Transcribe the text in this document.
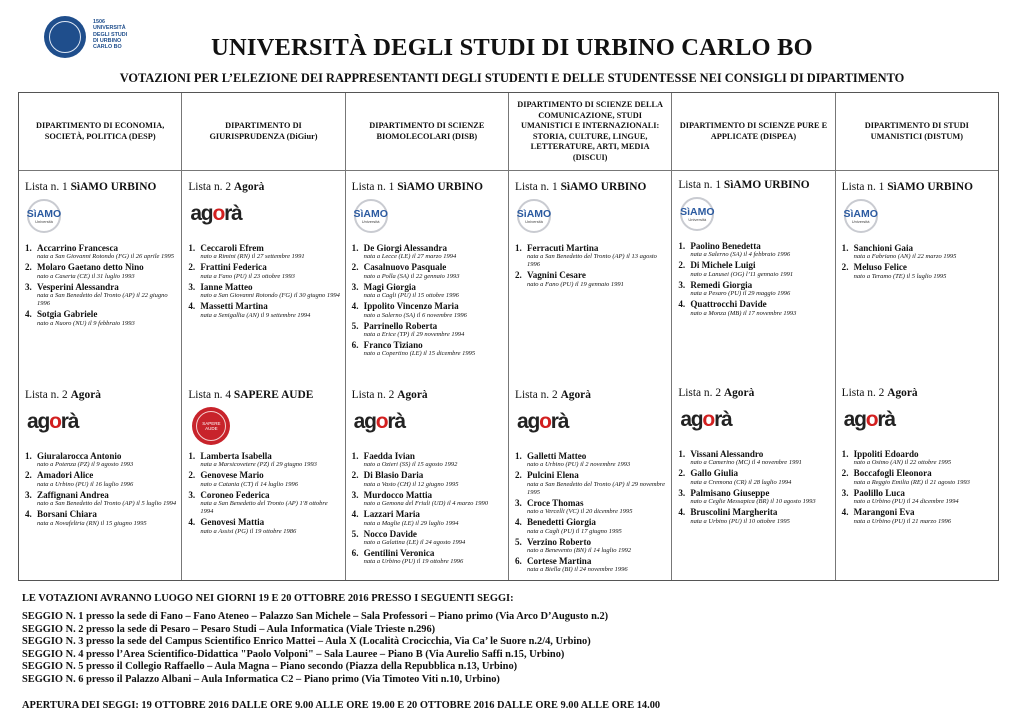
1506
UNIVERSITÀ
DEGLI STUDI
DI URBINO
CARLO BO	UNIVERSITÀ DEGLI STUDI DI URBINO CARLO BO
VOTAZIONI PER L’ELEZIONE DEI RAPPRESENTANTI DEGLI STUDENTI E DELLE STUDENTESSE NEI CONSIGLI DI DIPARTIMENTO
DIPARTIMENTO DI ECONOMIA, SOCIETÀ, POLITICA (DESP)
Lista n. 1 SìAMO URBINO
SìAMO
Università
1. Accarrino Francesca
nata a San Giovanni Rotondo (FG) il 26 aprile 1995
2. Molaro Gaetano detto Nino
nato a Caserta (CE) il 31 luglio 1993
3. Vesperini Alessandra
nata a San Benedetto del Tronto (AP) il 22 giugno 1996
4. Sotgia Gabriele
nato a Nuoro (NU) il 9 febbraio 1993
Lista n. 2 Agorà
agorà
1. Giuralarocca Antonio
nato a Potenza (PZ) il 9 agosto 1993
2. Amadori Alice
nata a Urbino (PU) il 16 luglio 1996
3. Zaffignani Andrea
nato a San Benedetto del Tronto (AP) il 5 luglio 1994
4. Borsani Chiara
nata a Novafeltria (RN) il 15 giugno 1995
DIPARTIMENTO DI GIURISPRUDENZA (DiGiur)
Lista n. 2 Agorà
agorà
1. Ceccaroli Efrem
nato a Rimini (RN) il 27 settembre 1991
2. Frattini Federica
nata a Fano (PU) il 23 ottobre 1993
3. Ianne Matteo
nato a San Giovanni Rotondo (FG) il 30 giugno 1994
4. Massetti Martina
nata a Senigallia (AN) il 9 settembre 1994
Lista n. 4 SAPERE AUDE
SAPERE AUDE
1. Lamberta Isabella
nata a Marsicovetere (PZ) il 29 giugno 1993
2. Genovese Mario
nato a Catania (CT) il 14 luglio 1996
3. Coroneo Federica
nata a San Benedetto del Tronto (AP) 1'8 ottobre 1994
4. Genovesi Mattia
nato a Assisi (PG) il 19 ottobre 1986
DIPARTIMENTO DI SCIENZE BIOMOLECOLARI (DISB)
Lista n. 1 SìAMO URBINO
SìAMO
Università
1. De Giorgi Alessandra
nata a Lecce (LE) il 27 marzo 1994
2. Casalnuovo Pasquale
nato a Polla (SA) il 22 gennaio 1993
3. Magi Giorgia
nata a Cagli (PU) il 15 ottobre 1996
4. Ippolito Vincenzo Maria
nato a Salerno (SA) il 6 novembre 1996
5. Parrinello Roberta
nata a Erice (TP) il 29 novembre 1994
6. Franco Tiziano
nato a Copertino (LE) il 15 dicembre 1995
Lista n. 2 Agorà
agorà
1. Faedda Ivian
nato a Ozieri (SS) il 15 agosto 1992
2. Di Blasio Daria
nata a Vasto (CH) il 12 giugno 1995
3. Murdocco Mattia
nato a Gemona del Friuli (UD) il 4 marzo 1990
4. Lazzari Maria
nata a Maglie (LE) il 29 luglio 1994
5. Nocco Davide
nato a Galatina (LE) il 24 agosto 1994
6. Gentilini Veronica
nata a Urbino (PU) il 19 ottobre 1996
DIPARTIMENTO DI SCIENZE DELLA COMUNICAZIONE, STUDI UMANISTICI E INTERNAZIONALI: STORIA, CULTURE, LINGUE, LETTERATURE, ARTI, MEDIA (DISCUI)
Lista n. 1 SìAMO URBINO
SìAMO
Università
1. Ferracuti Martina
nata a San Benedetto del Tronto (AP) il 13 agosto 1996
2. Vagnini Cesare
nato a Fano (PU) il 19 gennaio 1991
Lista n. 2 Agorà
agorà
1. Galletti Matteo
nato a Urbino (PU) il 2 novembre 1993
2. Pulcini Elena
nata a San Benedetto del Tronto (AP) il 29 novembre 1995
3. Croce Thomas
nato a Vercelli (VC) il 20 dicembre 1995
4. Benedetti Giorgia
nata a Cagli (PU) il 17 giugno 1995
5. Verzino Roberto
nato a Benevento (BN) il 14 luglio 1992
6. Cortese Martina
nata a Biella (BI) il 24 novembre 1996
DIPARTIMENTO DI SCIENZE PURE E APPLICATE (DISPEA)
Lista n. 1 SìAMO URBINO
SìAMO
Università
1. Paolino Benedetta
nata a Salerno (SA) il 4 febbraio 1996
2. Di Michele Luigi
nato a Lanusei (OG) l’11 gennaio 1991
3. Remedi Giorgia
nata a Pesaro (PU) il 29 maggio 1996
4. Quattrocchi Davide
nato a Monza (MB) il 17 novembre 1993
Lista n. 2 Agorà
agorà
1. Vissani Alessandro
nato a Camerino (MC) il 4 novembre 1991
2. Gallo Giulia
nata a Cremona (CR) il 28 luglio 1994
3. Palmisano Giuseppe
nato a Ceglie Messapica (BR) il 10 agosto 1993
4. Bruscolini Margherita
nata a Urbino (PU) il 10 ottobre 1995
DIPARTIMENTO DI STUDI UMANISTICI (DISTUM)
Lista n. 1 SìAMO URBINO
SìAMO
Università
1. Sanchioni Gaia
nata a Fabriano (AN) il 22 marzo 1995
2. Meluso Felice
nato a Teramo (TE) il 5 luglio 1995
Lista n. 2 Agorà
agorà
1. Ippoliti Edoardo
nato a Osimo (AN) il 22 ottobre 1995
2. Boccafogli Eleonora
nata a Reggio Emilia (RE) il 21 agosto 1993
3. Paolillo Luca
nato a Urbino (PU) il 24 dicembre 1994
4. Marangoni Eva
nata a Urbino (PU) il 21 marzo 1996
LE VOTAZIONI AVRANNO LUOGO NEI GIORNI 19 E 20 OTTOBRE 2016 PRESSO I SEGUENTI SEGGI:
SEGGIO N. 1 presso la sede di Fano – Fano Ateneo – Palazzo San Michele – Sala Professori – Piano primo (Via Arco D’Augusto n.2)
SEGGIO N. 2 presso la sede di Pesaro – Pesaro Studi – Aula Informatica (Viale Trieste n.296)
SEGGIO N. 3 presso la sede del Campus Scientifico Enrico Mattei – Aula X (Località Crocicchia, Via Ca’ le Suore n.2/4, Urbino)
SEGGIO N. 4 presso l’Area Scientifico-Didattica "Paolo Volponi" – Sala Lauree – Piano B (Via Aurelio Saffi n.15, Urbino)
SEGGIO N. 5 presso il Collegio Raffaello – Aula Magna – Piano secondo (Piazza della Repubblica n.13, Urbino)
SEGGIO N. 6 presso il Palazzo Albani – Aula Informatica C2 – Piano primo (Via Timoteo Viti n.10, Urbino)
APERTURA DEI SEGGI: 19 OTTOBRE 2016 DALLE ORE 9.00 ALLE ORE 19.00 E 20 OTTOBRE 2016 DALLE ORE 9.00 ALLE ORE 14.00
